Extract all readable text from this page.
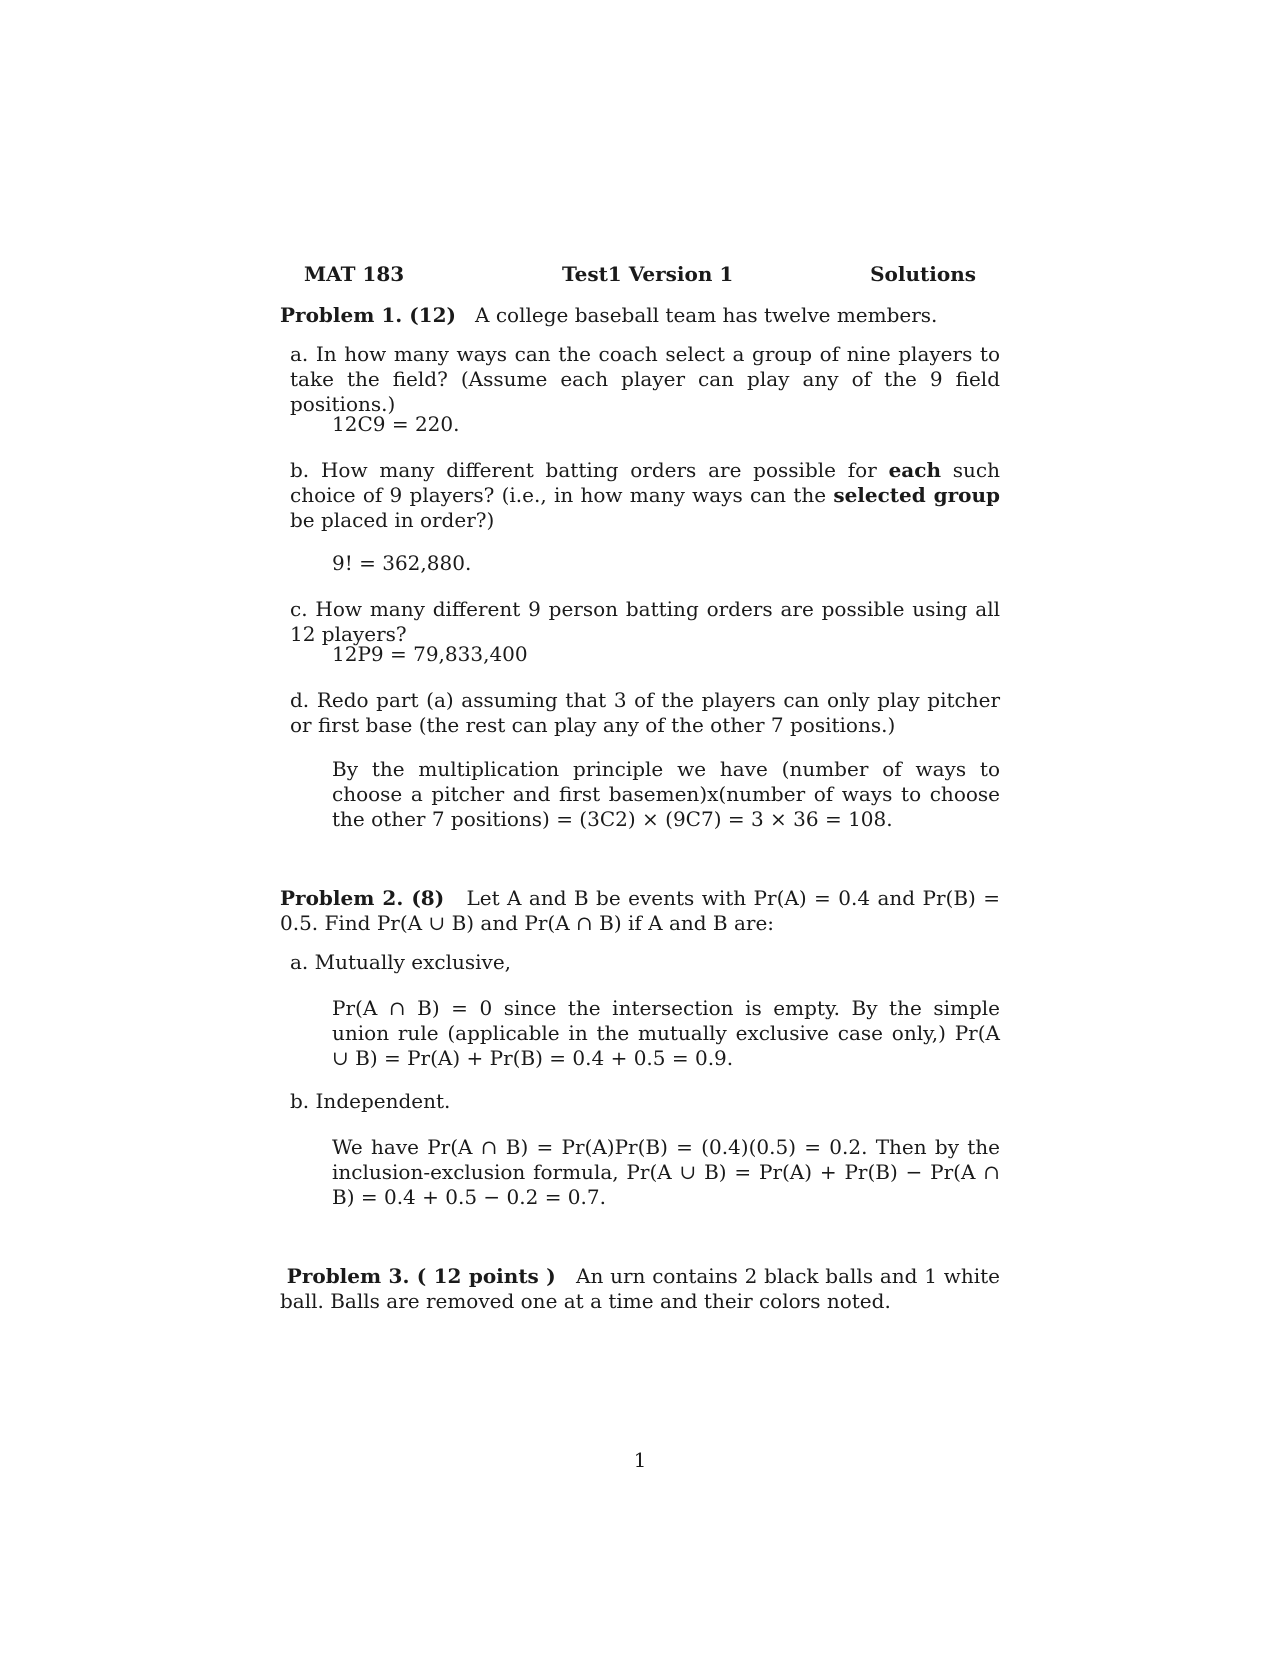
MAT 183	Test1 Version 1	Solutions
Problem 1. (12) A college baseball team has twelve members.
a. In how many ways can the coach select a group of nine players to take the field? (Assume each player can play any of the 9 field positions.)
12C9 = 220.
b. How many different batting orders are possible for each such choice of 9 players? (i.e., in how many ways can the selected group be placed in order?)
9! = 362,880.
c. How many different 9 person batting orders are possible using all 12 players?
12P9 = 79,833,400
d. Redo part (a) assuming that 3 of the players can only play pitcher or first base (the rest can play any of the other 7 positions.)
By the multiplication principle we have (number of ways to choose a pitcher and first basemen)x(number of ways to choose the other 7 positions) = (3C2) × (9C7) = 3 × 36 = 108.
Problem 2. (8) Let A and B be events with Pr(A) = 0.4 and Pr(B) = 0.5. Find Pr(A ∪ B) and Pr(A ∩ B) if A and B are:
a. Mutually exclusive,
Pr(A ∩ B) = 0 since the intersection is empty. By the simple union rule (applicable in the mutually exclusive case only,) Pr(A ∪ B) = Pr(A) + Pr(B) = 0.4 + 0.5 = 0.9.
b. Independent.
We have Pr(A ∩ B) = Pr(A)Pr(B) = (0.4)(0.5) = 0.2. Then by the inclusion-exclusion formula, Pr(A ∪ B) = Pr(A) + Pr(B) − Pr(A ∩ B) = 0.4 + 0.5 − 0.2 = 0.7.
Problem 3. ( 12 points ) An urn contains 2 black balls and 1 white ball. Balls are removed one at a time and their colors noted.
1
